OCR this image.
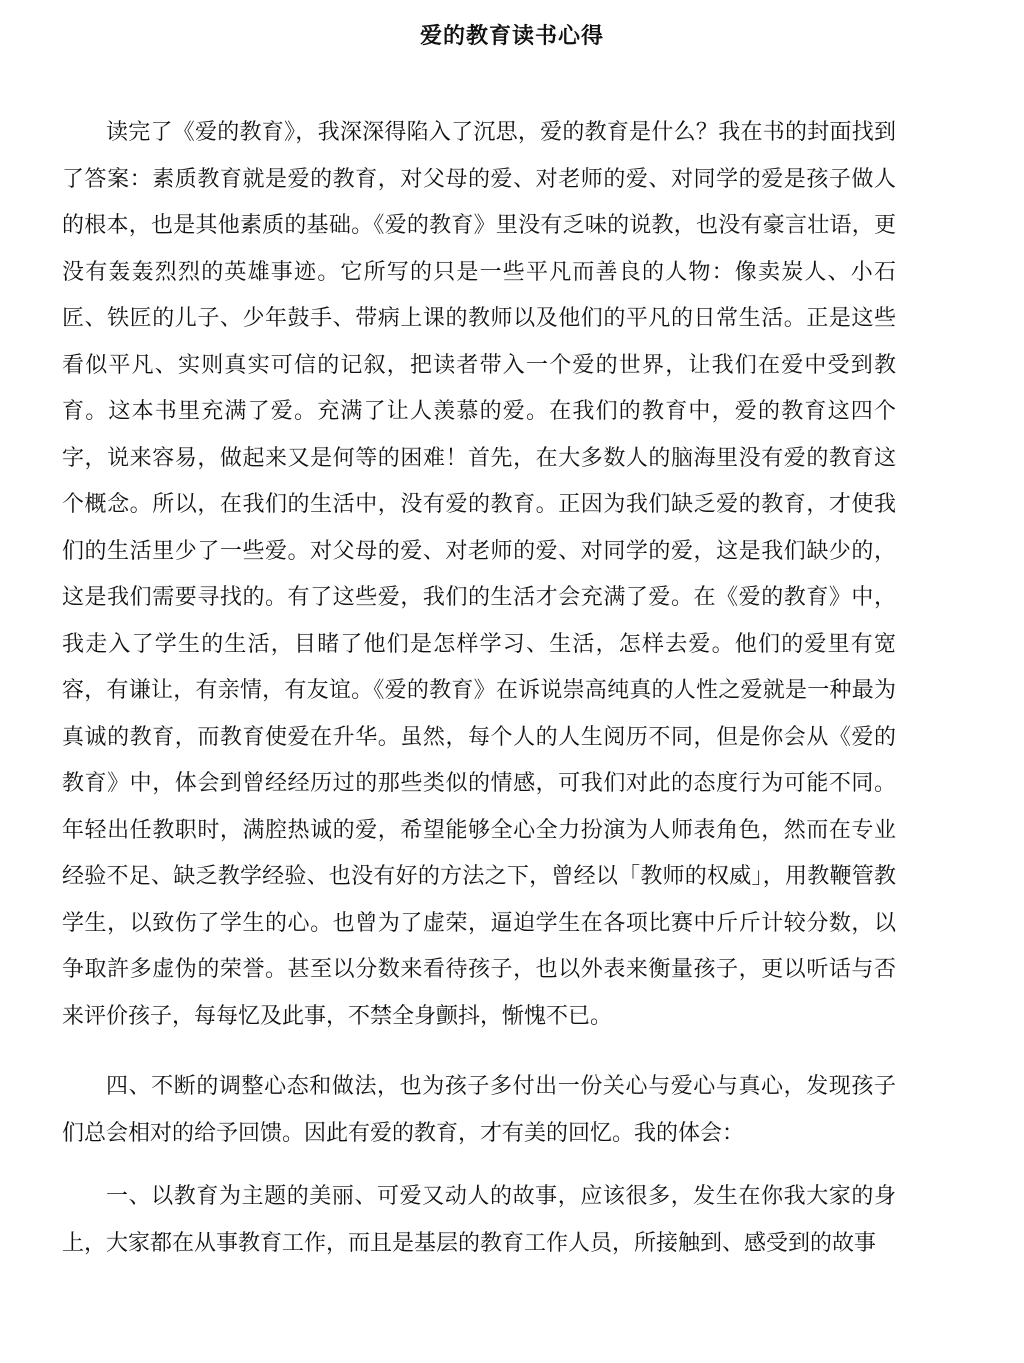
爱的教育读书心得

读完了《爱的教育》，我深深得陷入了沉思，爱的教育是什么？我在书的封面找到了答案：素质教育就是爱的教育，对父母的爱、对老师的爱、对同学的爱是孩子做人的根本，也是其他素质的基础。《爱的教育》里没有乏味的说教，也没有豪言壮语，更没有轰轰烈烈的英雄事迹。它所写的只是一些平凡而善良的人物：像卖炭人、小石匠、铁匠的儿子、少年鼓手、带病上课的教师以及他们的平凡的日常生活。正是这些看似平凡、实则真实可信的记叙，把读者带入一个爱的世界，让我们在爱中受到教育。这本书里充满了爱。充满了让人羡慕的爱。在我们的教育中，爱的教育这四个字，说来容易，做起来又是何等的困难！首先，在大多数人的脑海里没有爱的教育这个概念。所以，在我们的生活中，没有爱的教育。正因为我们缺乏爱的教育，才使我们的生活里少了一些爱。对父母的爱、对老师的爱、对同学的爱，这是我们缺少的，这是我们需要寻找的。有了这些爱，我们的生活才会充满了爱。在《爱的教育》中，我走入了学生的生活，目睹了他们是怎样学习、生活，怎样去爱。他们的爱里有宽容，有谦让，有亲情，有友谊。《爱的教育》在诉说崇高纯真的人性之爱就是一种最为真诚的教育，而教育使爱在升华。虽然，每个人的人生阅历不同，但是你会从《爱的教育》中，体会到曾经经历过的那些类似的情感，可我们对此的态度行为可能不同。年轻出任教职时，满腔热诚的爱，希望能够全心全力扮演为人师表角色，然而在专业经验不足、缺乏教学经验、也没有好的方法之下，曾经以「教师的权威」，用教鞭管教学生，以致伤了学生的心。也曾为了虚荣，逼迫学生在各项比赛中斤斤计较分数，以争取許多虚伪的荣誉。甚至以分数来看待孩子，也以外表来衡量孩子，更以听话与否来评价孩子，每每忆及此事，不禁全身颤抖，惭愧不已。

四、不断的调整心态和做法，也为孩子多付出一份关心与爱心与真心，发现孩子们总会相对的给予回馈。因此有爱的教育，才有美的回忆。我的体会：

一、以教育为主题的美丽、可爱又动人的故事，应该很多，发生在你我大家的身上，大家都在从事教育工作，而且是基层的教育工作人员，所接触到、感受到的故事
